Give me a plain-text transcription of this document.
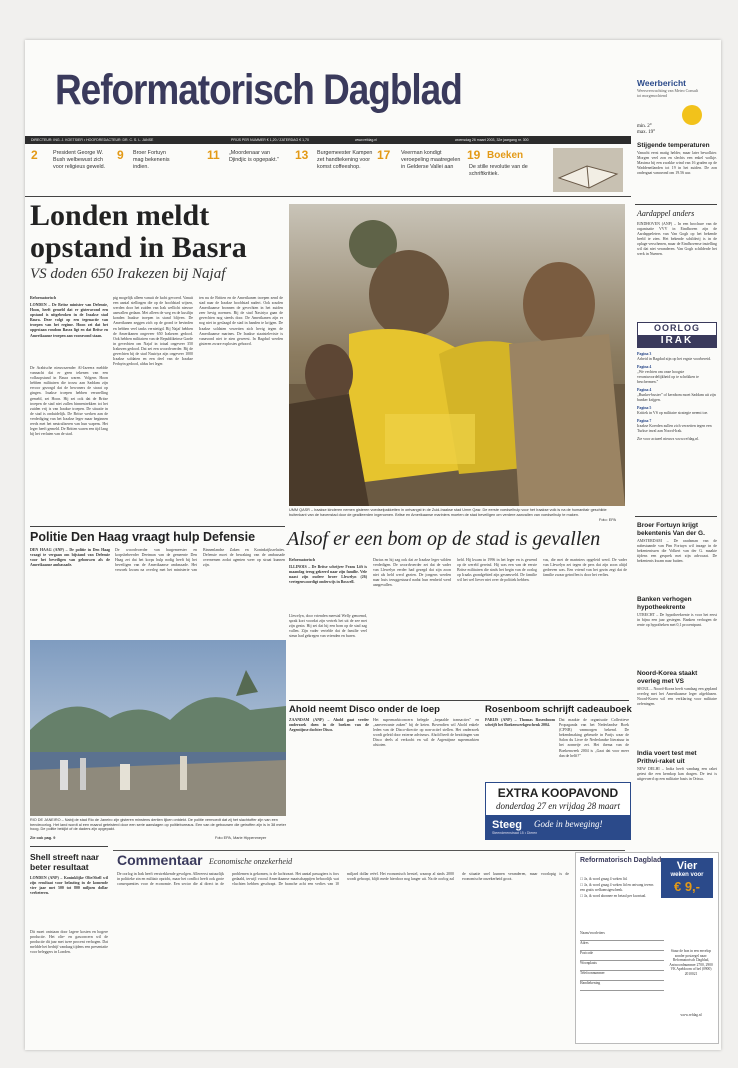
Reformatorisch Dagblad	Weerbericht
Weersverwachting van Meteo Consult tot morgenochtend
min. 2°
max. 19°
Stijgende temperaturen
Vanacht eerst matig helder, maar later bewolkter. Morgen veel zon en slechts een enkel wolkje. Maxima bij een zwakke wind van 16 graden op de Waddeneilanden tot 19 in het zuiden. De zon ondergaat vanavond om 19.56 uur.
DIRECTEUR: ING. J. KOETSIER • HOOFDREDACTEUR: DR. C. S. L. JANSE	PRIJS PER NUMMER € 1,20 / ZATERDAG € 1,70	www.refdag.nl	woensdag 26 maart 2003, 32e jaargang nr. 300
2	President George W. Bush welbewust zich voor religieus geweld.
9 Broer Fortuyn mag bekenenis indien.
11 „Moordenaar van Djindjic is opgepakt.”	13 Burgemeester Kampen zet handtekening voor komst coffeeshop.
17 Veerman kondigt veroepeling maatregelen in Gelderse Vallei aan
19 Boeken
De stille revolutie van de schriftkritiek.
Londen meldt
opstand in Basra
VS doden 650 Irakezen bij Najaf
Reformatorisch
LONDEN – De Britse minister van Defensie, Hoon, heeft gemeld dat er gisteravond een opstand is uitgebroken in de Iraakse stad Basra. Deze volgt op een tegenactie van troepen van het regime. Hoon zei dat het opgestaan rondom Basra ligt en dat Britse en Amerikaanse troepen aan vooravond staan.
De Arabische nieuwszender Al-Jazeera meldde vannacht dat er geen tekenen van een volksopstand in Basra waren. Volgens Hoon hebben militairen die trouw aan Saddam zijn ervoor gezorgd dat de bewoners de straat op gingen. Iraakse troepen hebben versnelling gemeld, zei Hoon. Hij zei ook dat de Britse troepen de stad niet zullen binnentrekken tot het zuiden vrij is van Iraakse troepen. De situatie in de stad is onduidelijk. De Britse werken aan de verdediging van het Iraakse leger maar beginnen reeds met het neutraliseren van hun wapens. Het leger heeft gemeld. De Britten waren een tijd lang bij het verlaten van de stad.
pig mogelijk alleen vanuit de lucht gevoerd. Vanuit een aantal stellingen die op de hoofdstad wijzen, werden door het zuiden van Irak wellicht nieuwe aanvallen gedaan. Met alleen de weg en de kustlijn konden Iraakse troepen in stand blijven. De Amerikanen zeggen zich op de grond te bevinden en hebben veel tanks vernietigd. Bij Najaf hebben de Amerikanen ongeveer 650 Irakezen gedood. Ook hebben militairen van de Republikeinse Garde in gevechten om Najaf in totaal ongeveer 350 Irakezen gedood. Dat zei een woordvoerder. Bij de gevechten bij de stad Nasiriya zijn ongeveer 1000 Iraakse soldaten en een deel van de Iraakse Fedayin gedood, aldus het leger.
ten nu de Britten en de Amerikanen troepen zend de stad naar de Iraakse hoofdstad nadert. Ook zouden Amerikaanse bronnen de gevechten in het zuiden zeer hevig noemen. Bij de stad Nasiriya gaan de gevechten nog steeds door. De Amerikanen zijn er nog niet in geslaagd de stad in handen te krijgen. De Iraakse soldaten verzetten zich hevig tegen de Amerikaanse marines. De Iraakse staatstelevisie is vanavond niet te zien geweest. In Bagdad werden gisteren zware explosies gehoord.
UMM QASR – Iraakse kinderen nemen gisteren voedselpakketten in ontvangst in de Zuid-Iraakse stad Umm Qasr. De eerste voedselhulp voor het Iraakse volk is na de humanitair geschikte buitenkant van de havenstad door de geallieerden ingenomen. Britse en Amerikaanse mariniers moeten de stad beveiligen om verdere aanvallen van voedselhulp te maken.
Foto: EPA
Aardappel anders
EINDHOVEN (ANP) – In een brochure van de organisatie VVV in Eindhoven zijn de Aardappeleters van Van Gogh op het bekende beeld te zien. Het bekende schilderij is in de oplage verschenen, maar de Eindhovense instelling wil dat niet veranderen. Van Gogh schilderde het werk in Nuenen.
OORLOG
IRAK
Pagina 3
Arbeid in Bagdad zijn op het ergste voorbereid.
Pagina 4
„We vechten om onze hoogste verantwoordelijkheid op te schrikken te beschermen.”
Pagina 4
„Bunker-buster” of kernbom moet Saddam uit zijn bunker krijgen.
Pagina 5
Kritiek in VS op militaire strategie neemt toe.
Pagina 7
Iraakse Koerden zullen zich verzetten tegen een Turkse inval aan Noord-Irak.
Zie voor actueel nieuws www.refdag.nl.
Broer Fortuyn krijgt bekentenis Van der G.
AMSTERDAM – De raadsman van de nabestaande van Pim Fortuyn wil inzage in de bekentenissen die Volkert van der G. maakte tijdens een gesprek met zijn advocaat. De bekentenis kwam naar buiten.
Banken verhogen hypotheekrente
UTRECHT – De hypotheekrente is voor het eerst in bijna een jaar gestegen. Banken verhogen de rente op hypotheken met 0,1 procentpunt.
Noord-Korea staakt overleg met VS
SEOUL – Noord-Korea heeft vandaag een gepland overleg met het Amerikaanse leger afgeblazen. Noord-Korea wil een verklaring voor militaire oefeningen.
India voert test met Prithvi-raket uit
NEW DELHI – India heeft vandaag een raket getest die een kernkop kan dragen. De test is uitgevoerd op een militaire basis in Orissa.
Politie Den Haag vraagt hulp Defensie
DEN HAAG (ANP) – De politie in Den Haag vraagt te vergaan om bijstand van Defensie voor het beveiligen van gebouwen als de Amerikaanse ambassade.
De woordvoerder van burgemeester en korpsbeheerder Deetman van de gemeente Den Haag zei dat het korps hulp nodig heeft bij het beveiligen van de Amerikaanse ambassade. Het verzoek kwam na overleg met het ministerie van Binnenlandse Zaken en Koninkrijksrelaties. Defensie moet de bewaking van de ambassade overnemen zodat agenten weer op straat kunnen zijn.
RIO DE JANEIRO – Nabij de stad Rio de Janeiro zijn gisteren minstens dertien lijken ontdekt. De politie vermoedt dat zij het slachtoffer zijn van een bendeoorlog. Het land wordt al een maand geteisterd door een serie aanslagen op politiebureaus. Een van de gebouwen die getroffen zijn is in 38 meter hoog. De politie bekijkt of de daders zijn opgepakt.
Zie ook pag. 9	Foto EPA, Marie Hippenmeyer
Alsof er een bom op de stad is gevallen
Reformatorisch
ILLINOIS – De Britse schrijver Frans Lift is maandag terug gekeerd naar zijn familie. Vele naast zijn oudere broer Llewelyn (26) vertegenwoordigt onderwijs in Boswell.
Llewelyn, door vrienden meestal Welly genoemd, sprak kort voordat zijn vertrek het uit de zee met zijn gezin. Hij zei dat hij een bom op de stad zag vallen. Zijn vader vertelde dat de familie veel steun had gekregen van vrienden en buren.
Darius en hij zag ook dat ze Iraakse leger wilden verdedigen. De woordvoerder zei dat de vader van Llewelyn eerder had gezegd dat zijn zoon niet als held werd gezien. De jongens werden naar huis teruggestuurd nadat hun eenheid werd aangevallen.
held. Hij kwam in 1996 in het leger en is gewend op de wereld gereisd. Hij was een van de eerste Britse militairen die sinds het begin van de oorlog op Iraaks grondgebied zijn gesneuveld. De familie wil het wel liever niet over de politiek hebben.
vas, die met de mariniers opgeleid werd. De vader van Llewelyn zei tegen de pers dat zijn zoon altijd gedreven was. Een vriend van het gezin zegt dat de familie zwaar getroffen is door het verlies.
Ahold neemt Disco onder de loep
ZAANDAM (ANP) – Ahold gaat verder onderzoek doen in de boeken van de Argentijnse dochter Disco.
Het supermarktconcern belegde „bepaalde transacties” en „aanverwante zaken” bij de keten. Bovendien wil Ahold enkele leden van de Disco-directie op non-actief stellen. Het onderzoek wordt geleid door externe adviseurs. Ahold heeft de bezittingen van Disco deels al verkocht en wil de Argentijnse supermarkten afstoten.
Rosenboom schrijft cadeauboek
PARIJS (ANP) – Thomas Rosenboom schrijft het Boekenweekgeschenk 2004.
Dat maakte de organisatie Collectieve Propaganda van het Nederlandse Boek (CPNB) vanmorgen bekend. De bekendmaking gebeurde in Parijs waar de Salon du Livre de Nederlandse literatuur in het zonnetje zet. Het thema van de Boekenweek 2004 is „Gaat dat voor meer dan de helft?”
EXTRA KOOPAVOND
donderdag 27 en vrijdag 28 maart
Steeg Gode in beweging!
Steenderenstraat 15 • Dieren
Shell streeft naar beter resultaat
LONDEN (ANP) – Koninklijke Olie/Shell wil zijn resultaat voor belasting in de komende vier jaar met 500 tot 800 miljoen dollar verbeteren.
Dit moet ontstaan door lagere kosten en hogere productie. Het olie- en gasconcern wil de productie dit jaar met twee procent verhogen. Dat meldde het bedrijf vandaag tijdens een presentatie voor beleggers in Londen.
Commentaar Economische onzekerheid
De oorlog in Irak heeft verstrekkende gevolgen. Allereerst natuurlijk in politieke zin en militair opzicht, maar het conflict heeft ook grote consequenties voor de economie. Een sector die al direct in de problemen is gekomen, is de luchtvaart. Het aantal passagiers is fors gedaald, terwijl vooral Amerikaanse maatschappijen behoorlijk wat vluchten hebben geschrapt. De branche acht een verlies van 10 miljard dollar reëel. Het economisch herstel, waarop al sinds 2000 wordt gehoopt, blijft mede hierdoor nog langer uit. Na de oorlog zal de situatie snel kunnen veranderen, maar voorlopig is de economische onzekerheid groot.
Reformatorisch Dagblad
☐ Ja, ik word graag 4 weken lid.
☐ Ja, ik word graag 4 weken lid en ontvang tevens een gratis welkomstgeschenk.
☐ Ja, ik word abonnee en betaal per kwartaal.
Naam/voorletters
Adres
Postcode
Woonplaats
Telefoonnummer
Handtekening
Stuur de bon in een envelop zonder postzegel naar: Reformatorisch Dagblad, Antwoordnummer 2700, 2900 VK Apeldoorn of bel (0900) 2010021
www.refdag.nl
Vier
weken voor
€ 9,-
